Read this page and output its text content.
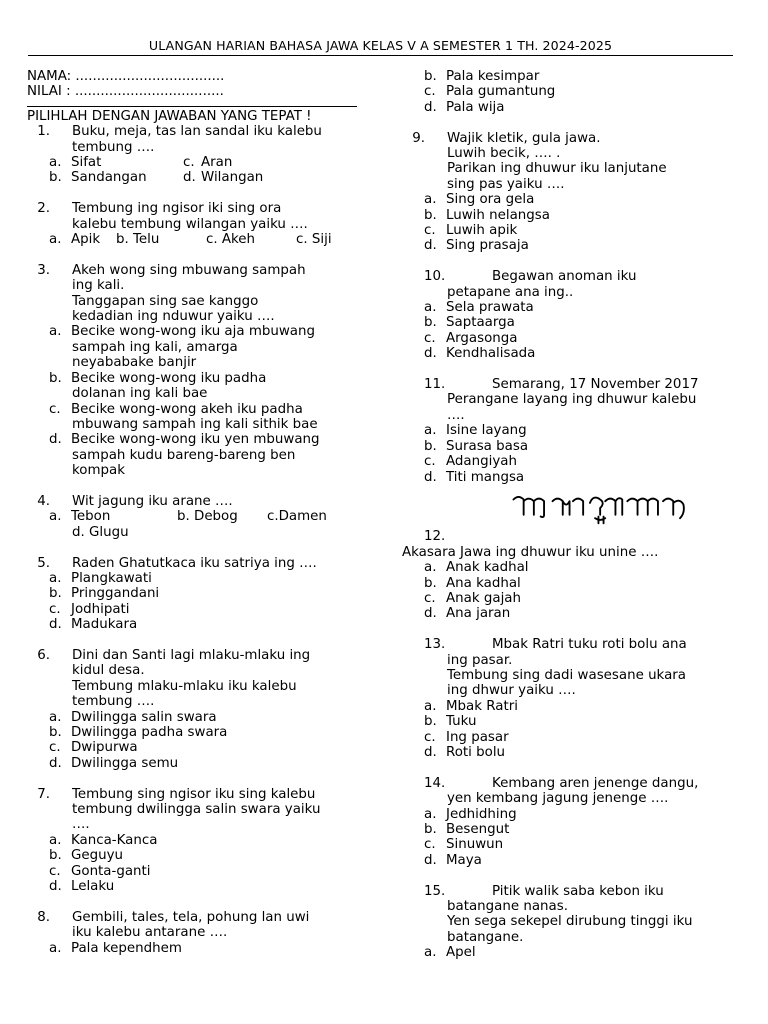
ULANGAN HARIAN BAHASA JAWA KELAS V A SEMESTER 1 TH. 2024-2025
NAMA: ...................................
NILAI : ...................................
PILIHLAH DENGAN JAWABAN YANG TEPAT !
1. Buku, meja, tas lan sandal iku kalebu
tembung ….
a. Sifat	c. Aran
b. Sandangan	d. Wilangan
2. Tembung ing ngisor iki sing ora
kalebu tembung wilangan yaiku ….
a. Apik	b. Telu	c. Akeh	c. Siji
3. Akeh wong sing mbuwang sampah
ing kali.
Tanggapan sing sae kanggo
kedadian ing nduwur yaiku ….
a. Becike wong-wong iku aja mbuwang
sampah ing kali, amarga
neyababake banjir
b. Becike wong-wong iku padha
dolanan ing kali bae
c. Becike wong-wong akeh iku padha
mbuwang sampah ing kali sithik bae
d. Becike wong-wong iku yen mbuwang
sampah kudu bareng-bareng ben
kompak
4. Wit jagung iku arane ….
a. Tebon	b. Debog	c.Damen
d. Glugu
5. Raden Ghatutkaca iku satriya ing ….
a. Plangkawati
b. Pringgandani
c. Jodhipati
d. Madukara
6. Dini dan Santi lagi mlaku-mlaku ing
kidul desa.
Tembung mlaku-mlaku iku kalebu
tembung ….
a. Dwilingga salin swara
b. Dwilingga padha swara
c. Dwipurwa
d. Dwilingga semu
7. Tembung sing ngisor iku sing kalebu
tembung dwilingga salin swara yaiku
….
a. Kanca-Kanca
b. Geguyu
c. Gonta-ganti
d. Lelaku
8. Gembili, tales, tela, pohung lan uwi
iku kalebu antarane ….
a. Pala kependhem
b. Pala kesimpar
c. Pala gumantung
d. Pala wija
9. Wajik kletik, gula jawa.
Luwih becik, …. .
Parikan ing dhuwur iku lanjutane
sing pas yaiku ….
a. Sing ora gela
b. Luwih nelangsa
c. Luwih apik
d. Sing prasaja
10.	Begawan anoman iku
petapane ana ing..
a. Sela prawata
b. Saptaarga
c. Argasonga
d. Kendhalisada
11.	Semarang, 17 November 2017
Perangane layang ing dhuwur kalebu
….
a. Isine layang
b. Surasa basa
c. Adangiyah
d. Titi mangsa
12.
Akasara Jawa ing dhuwur iku unine ….
a. Anak kadhal
b. Ana kadhal
c. Anak gajah
d. Ana jaran
13.	Mbak Ratri tuku roti bolu ana
ing pasar.
Tembung sing dadi wasesane ukara
ing dhwur yaiku ….
a. Mbak Ratri
b. Tuku
c. Ing pasar
d. Roti bolu
14.	Kembang aren jenenge dangu,
yen kembang jagung jenenge ….
a. Jedhidhing
b. Besengut
c. Sinuwun
d. Maya
15.	Pitik walik saba kebon iku
batangane nanas.
Yen sega sekepel dirubung tinggi iku
batangane.
a. Apel
